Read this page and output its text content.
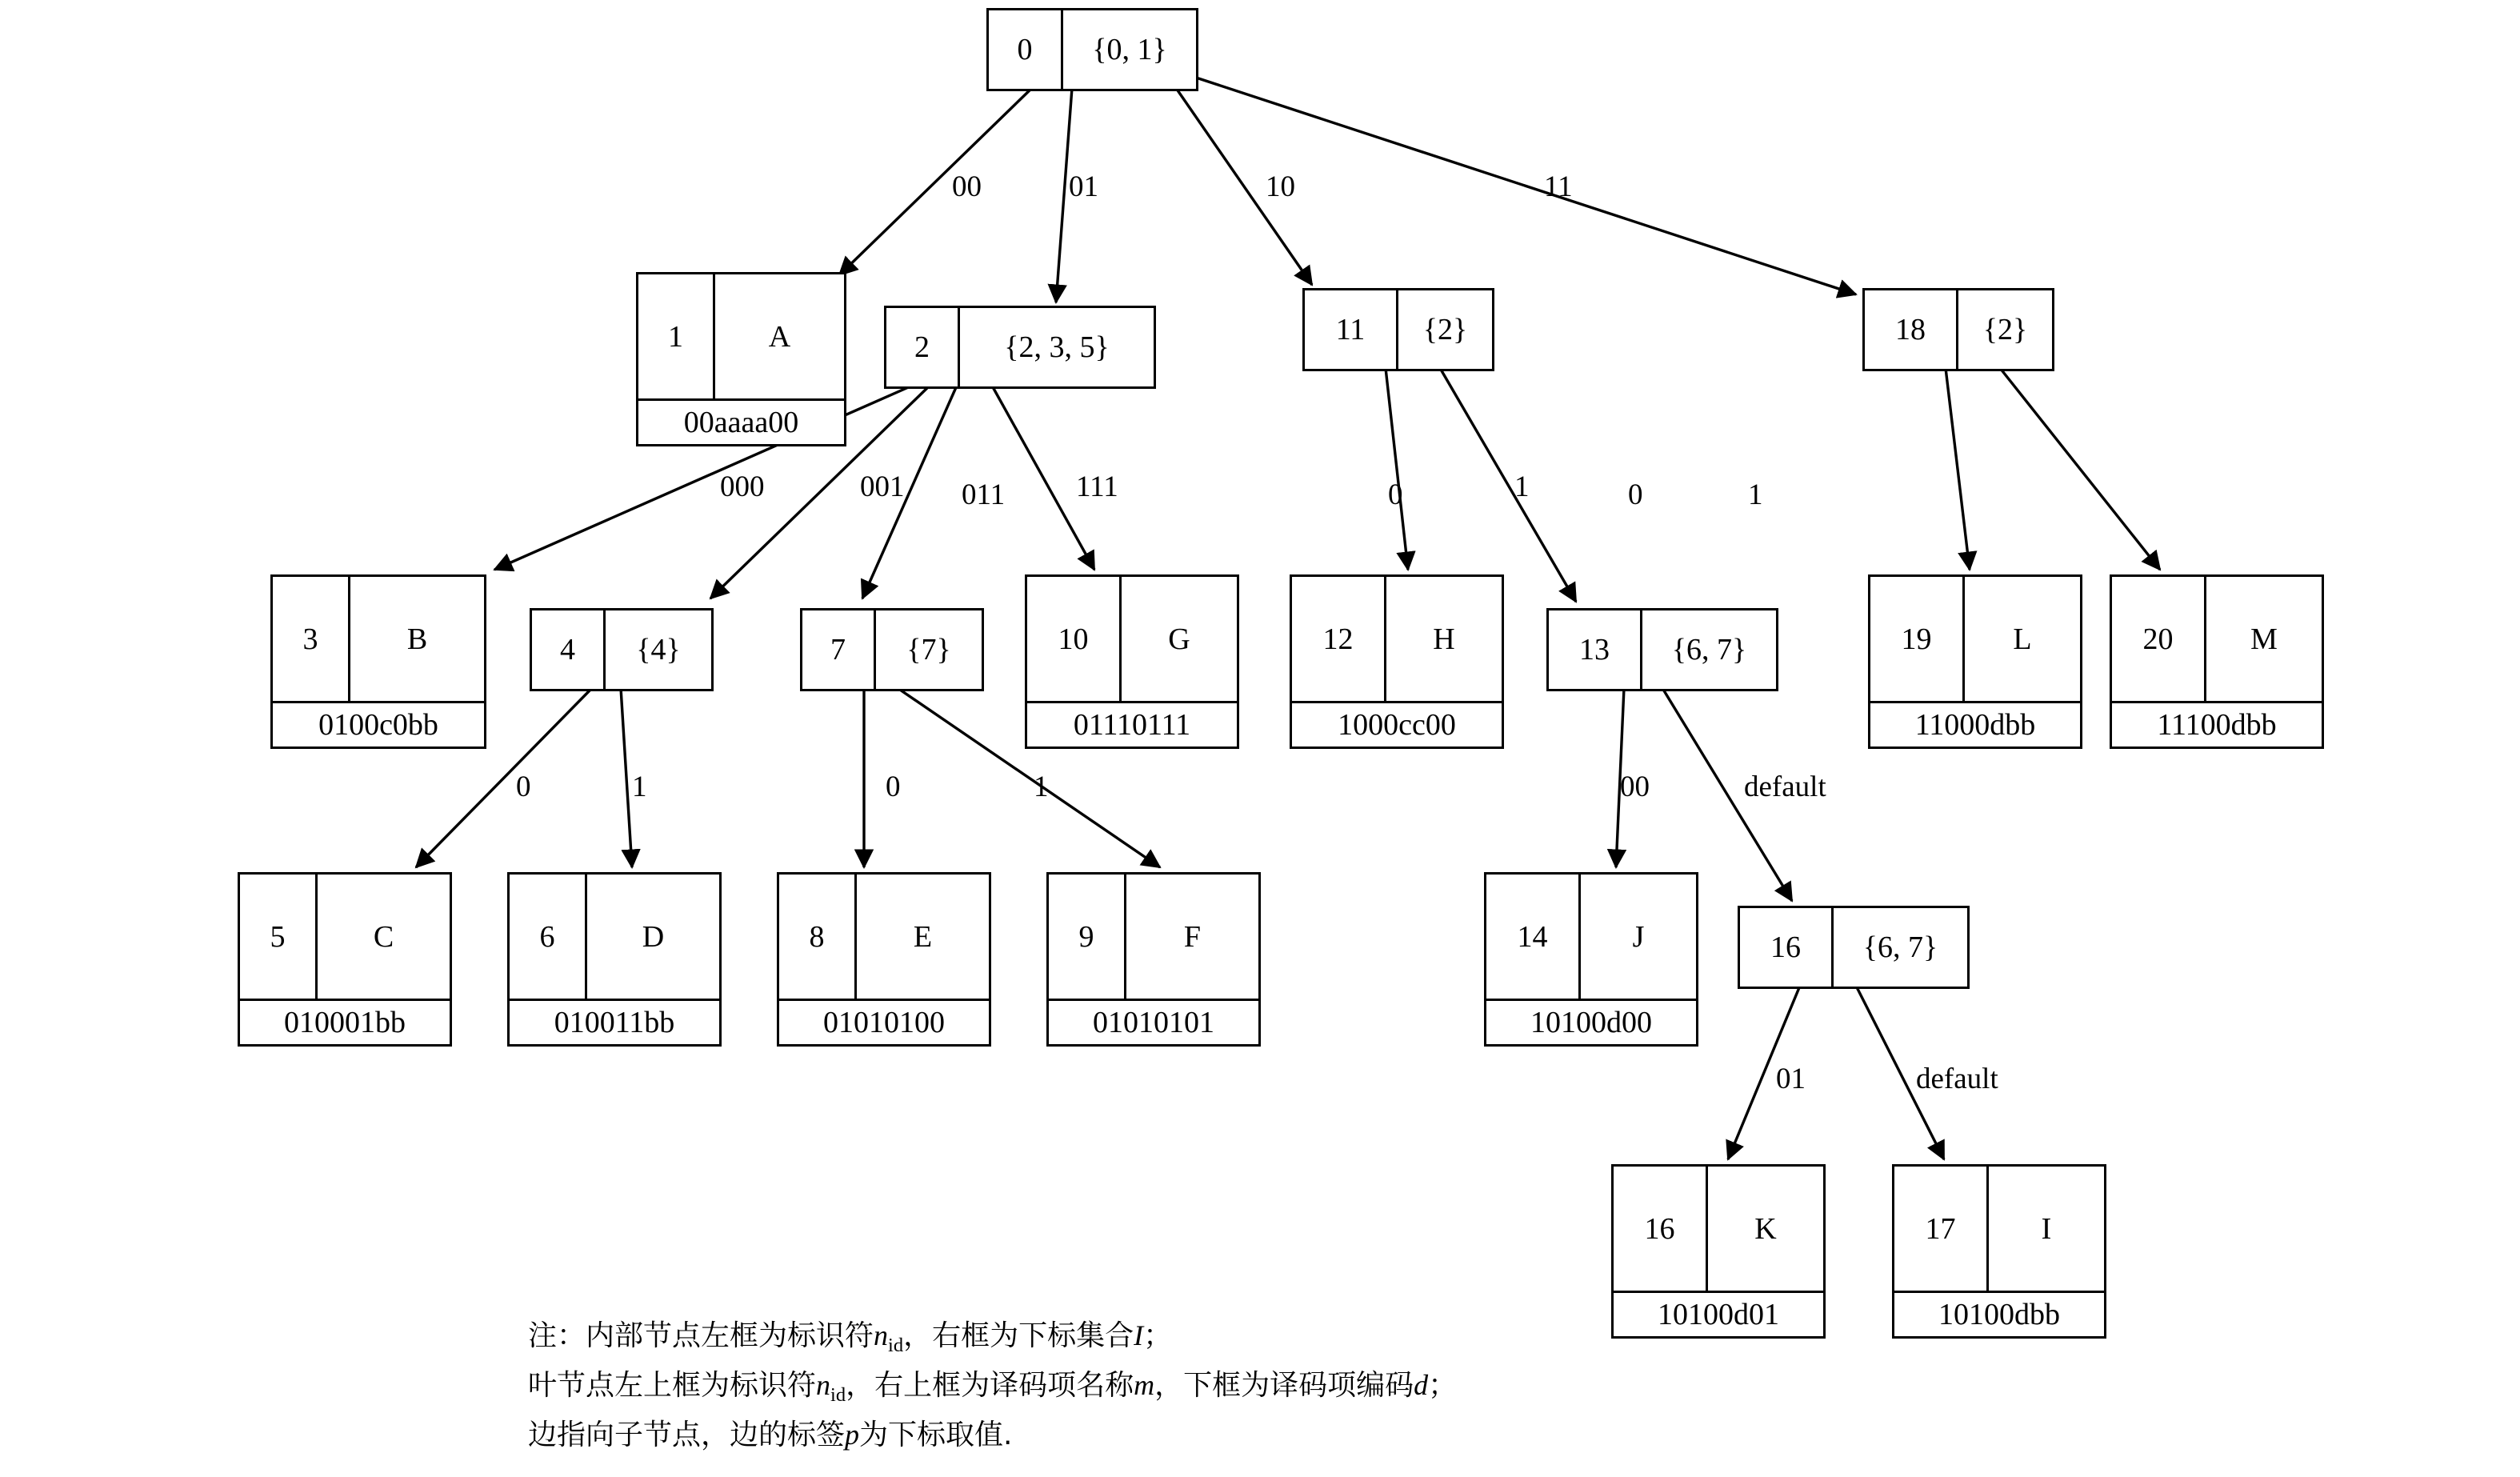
0	{0, 1}
1	A
00aaaa00
2	{2, 3, 5}
11	{2}	18	{2}
3	B
0100c0bb
4	{4}	7	{7}	10	G
01110111
12	H
1000cc00
13	{6, 7}	19	L
11000dbb
20	M
11100dbb
5	C
010001bb
6	D
010011bb
8	E
01010100
9	F
01010101
14	J
10100d00
16	{6, 7}
16	K
10100d01
17	I
10100dbb
00	01	10	11
000	001 011 111	0	1	0	1
0	1	0	1	00	default
01	default
注：内部节点左框为标识符$n_{id}$，右框为下标集合I；
叶节点左上框为标识符$n_{id}$，右上框为译码项名称m，下框为译码项编码d；
边指向子节点，边的标签p为下标取值.
